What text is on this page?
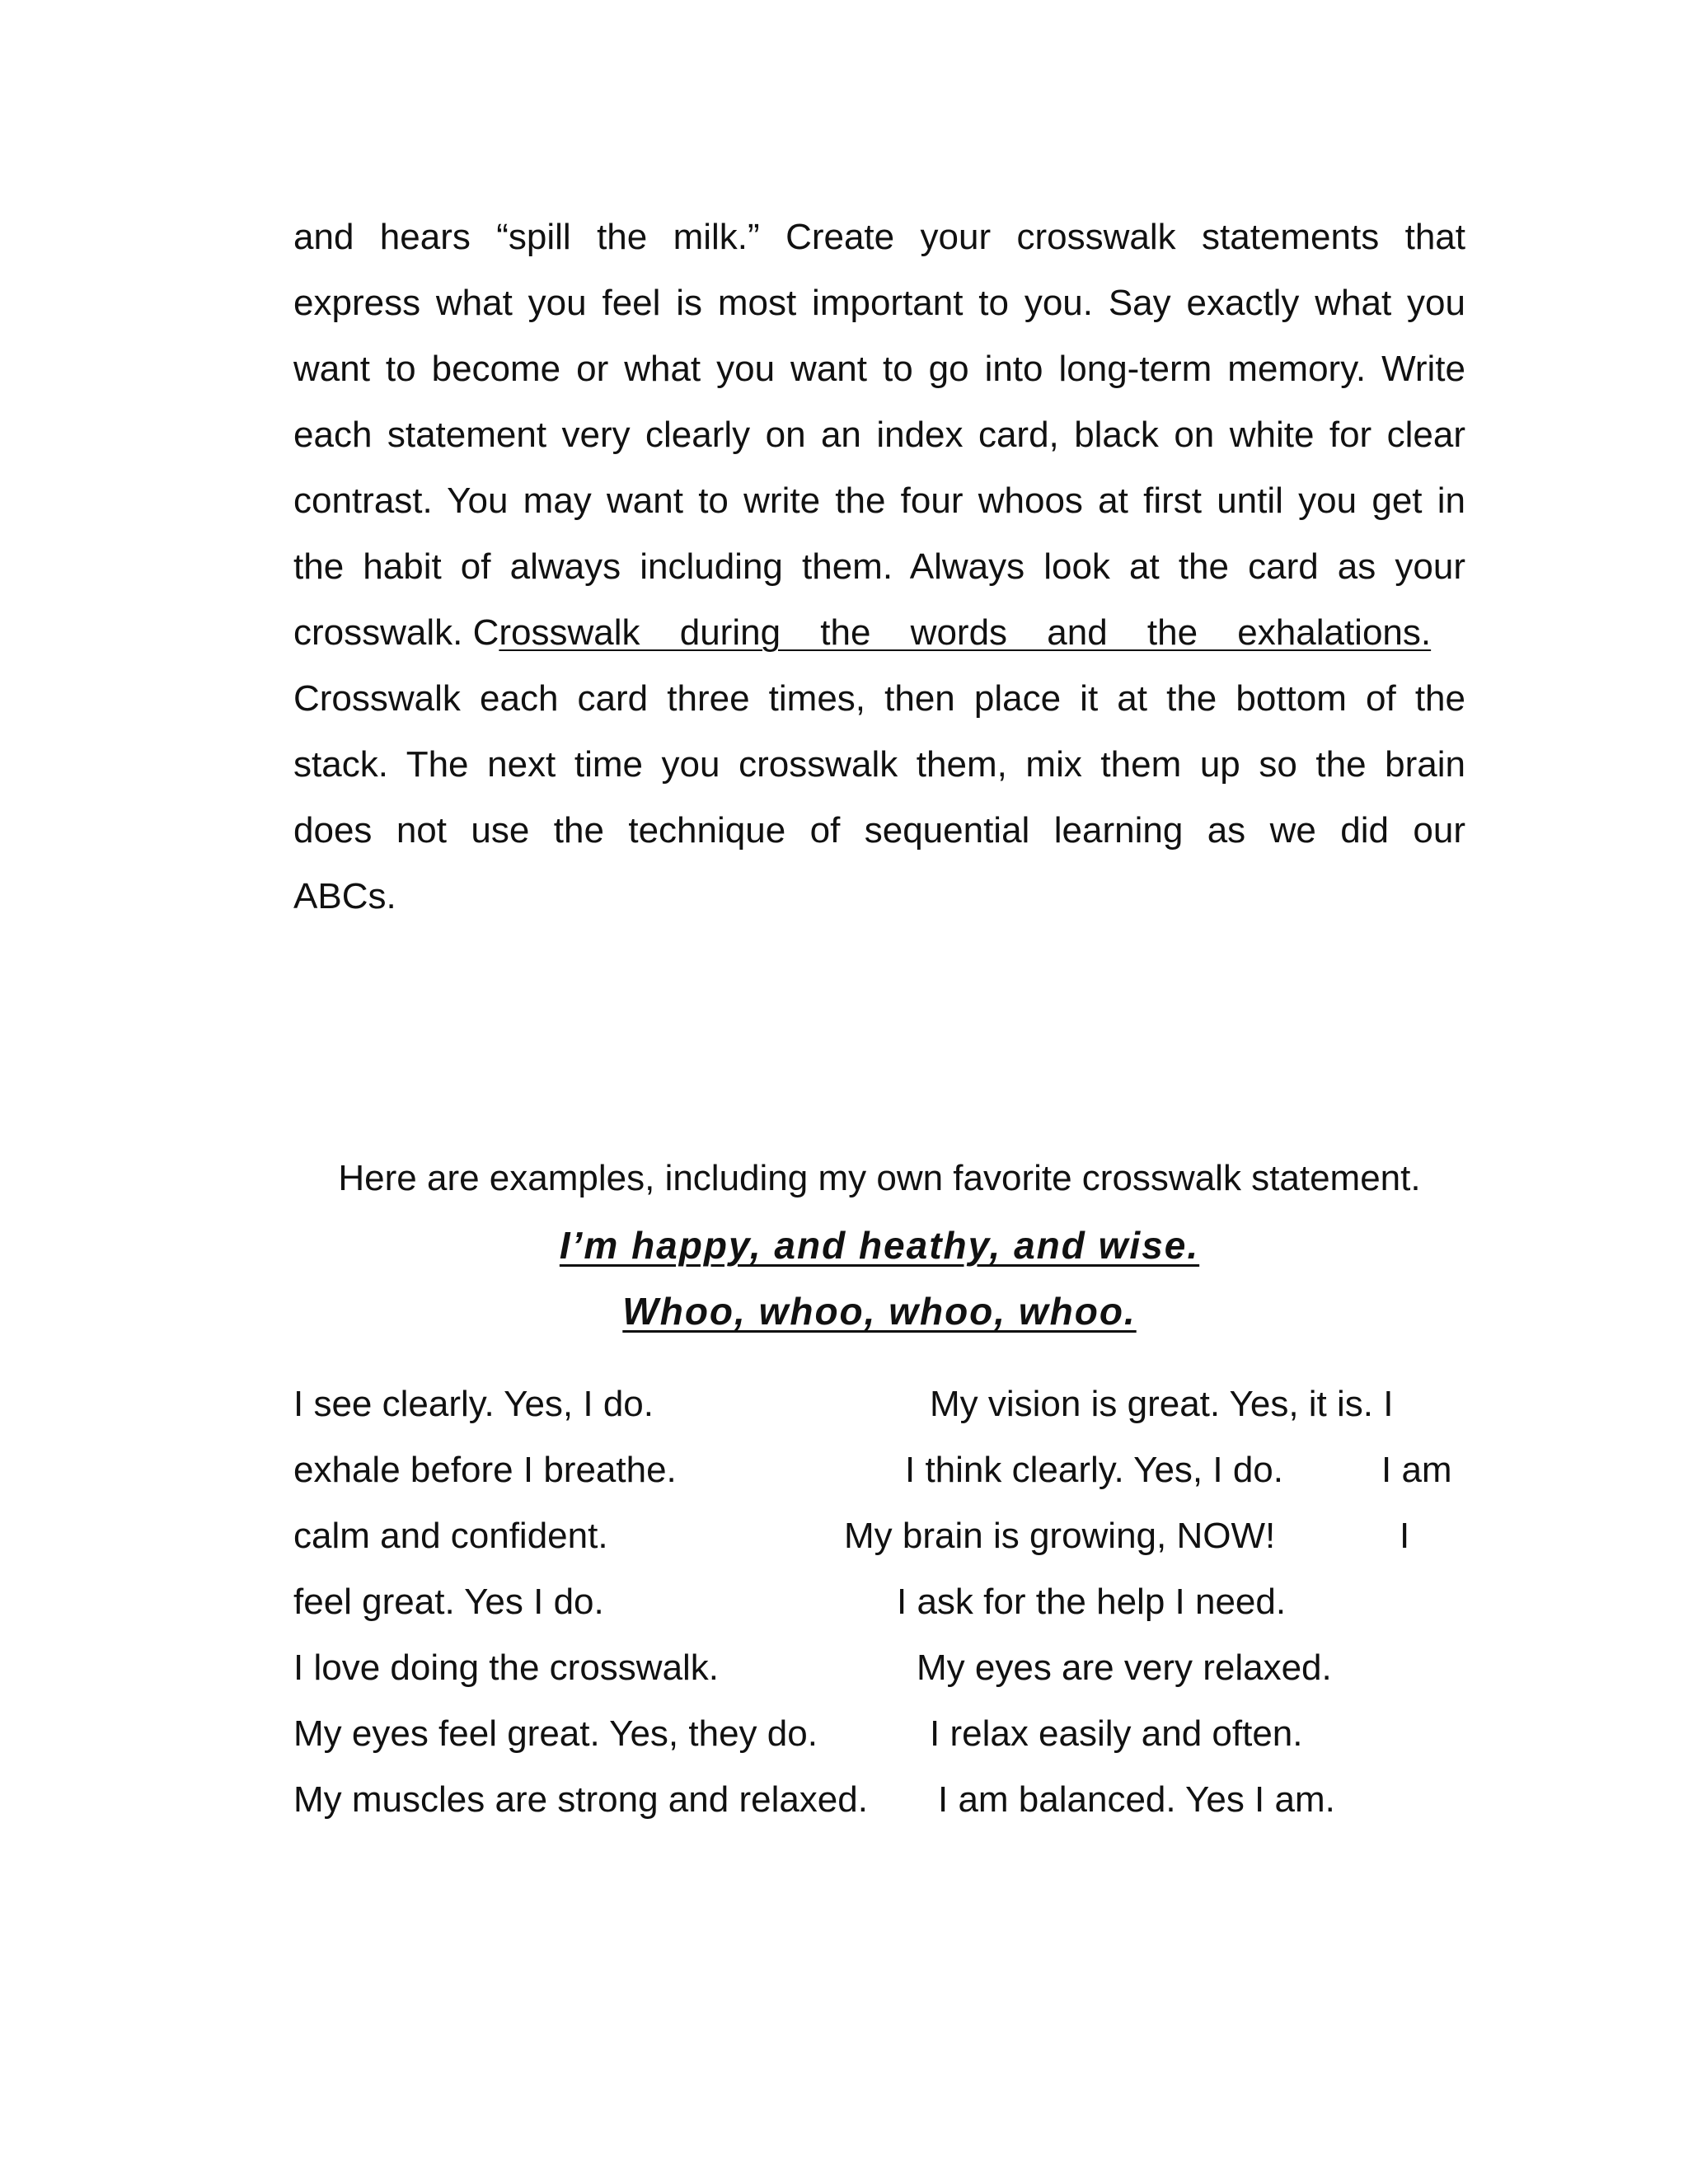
and hears “spill the milk.” Create your crosswalk statements that
express what you feel is most important to you. Say exactly what you
want to become or what you want to go into long-term memory. Write
each statement very clearly on an index card, black on white for clear
contrast. You may want to write the four whoos at first until you get in
the habit of always including them. Always look at the card as your
crosswalk. Crosswalk during the words and the exhalations.
Crosswalk each card three times, then place it at the bottom of the
stack. The next time you crosswalk them, mix them up so the brain
does not use the technique of sequential learning as we did our
ABCs.
Here are examples, including my own favorite crosswalk statement.
I’m happy, and heathy, and wise.
Whoo, whoo, whoo, whoo.
I see clearly. Yes, I do.	My vision is great. Yes, it is. I
exhale before I breathe.	I think clearly. Yes, I do.	I am
calm and confident.	My brain is growing, NOW!	I
feel great. Yes I do.	I ask for the help I need.
I love doing the crosswalk.	My eyes are very relaxed.
My eyes feel great. Yes, they do.	I relax easily and often.
My muscles are strong and relaxed. I am balanced. Yes I am.
